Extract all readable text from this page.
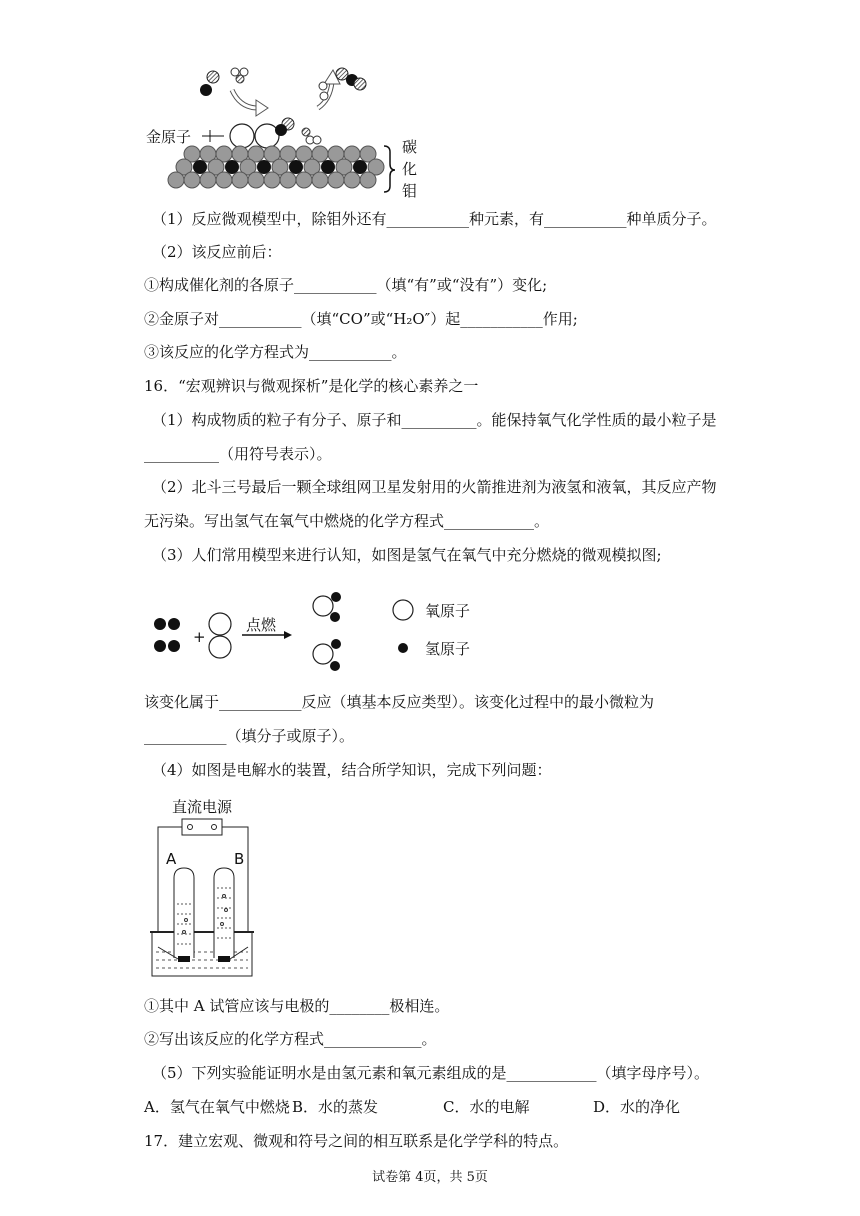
金原子
碳
化
钼
（1）反应微观模型中，除钼外还有___________种元素，有___________种单质分子。
（2）该反应前后：
①构成催化剂的各原子___________（填“有”或“没有”）变化;
②金原子对___________（填“CO”或“H₂O″）起___________作用;
③该反应的化学方程式为___________。
16．“宏观辨识与微观探析”是化学的核心素养之一
（1）构成物质的粒子有分子、原子和__________。能保持氧气化学性质的最小粒子是
__________（用符号表示）。
（2）北斗三号最后一颗全球组网卫星发射用的火箭推进剂为液氢和液氧，其反应产物
无污染。写出氢气在氧气中燃烧的化学方程式____________。
（3）人们常用模型来进行认知，如图是氢气在氧气中充分燃烧的微观模拟图;
+
点燃
氧原子
氢原子
该变化属于___________反应（填基本反应类型）。该变化过程中的最小微粒为
___________（填分子或原子）。
（4）如图是电解水的装置，结合所学知识，完成下列问题：
直流电源
A	B
①其中 A 试管应该与电极的________极相连。
②写出该反应的化学方程式_____________。
（5）下列实验能证明水是由氢元素和氧元素组成的是____________（填字母序号）。
A．氢气在氧气中燃烧 B．水的蒸发	C．水的电解	D．水的净化
17．建立宏观、微观和符号之间的相互联系是化学学科的特点。
试卷第 4页，共 5页
